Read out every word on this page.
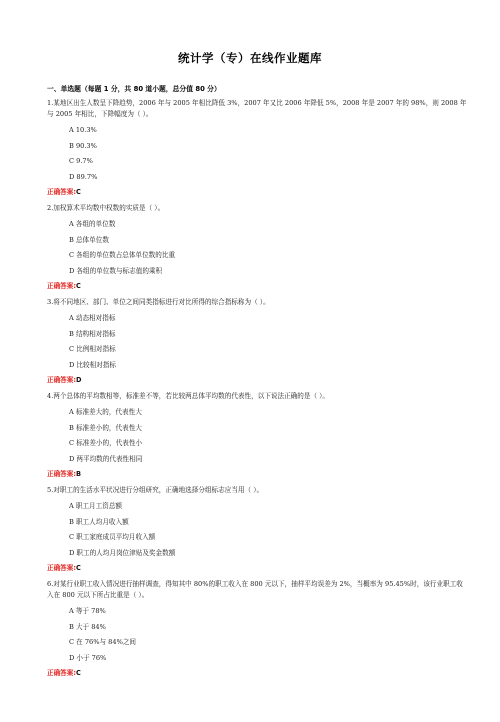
统计学（专）在线作业题库
一、单选题（每题 1 分，共 80 道小题，总分值 80 分）

1.某地区出生人数呈下降趋势，2006 年与 2005 年相比降低 3%，2007 年又比 2006 年降低 5%，2008 年是 2007 年的 98%，则 2008 年与 2005 年相比，下降幅度为（ ）。

A 10.3%
B 90.3%
C 9.7%
D 89.7%
正确答案:C

2.加权算术平均数中权数的实质是（ ）。

A 各组的单位数
B 总体单位数
C 各组的单位数占总体单位数的比重
D 各组的单位数与标志值的乘积
正确答案:C

3.将不同地区、部门、单位之间同类指标进行对比所得的综合指标称为（ ）。

A 动态相对指标
B 结构相对指标
C 比例相对指标
D 比较相对指标
正确答案:D

4.两个总体的平均数相等，标准差不等，若比较两总体平均数的代表性，以下说法正确的是（ ）。

A 标准差大的，代表性大
B 标准差小的，代表性大
C 标准差小的，代表性小
D 两平均数的代表性相同
正确答案:B

5.对职工的生活水平状况进行分组研究，正确地选择分组标志应当用（ ）。

A 职工月工资总额
B 职工人均月收入额
C 职工家庭成员平均月收入额
D 职工的人均月岗位津贴及奖金数额
正确答案:C

6.对某行业职工收入情况进行抽样调查，得知其中 80%的职工收入在 800 元以下，抽样平均误差为 2%，当概率为 95.45%时，该行业职工收入在 800 元以下所占比重是（ ）。

A 等于 78%
B 大于 84%
C 在 76%与 84%之间
D 小于 76%
正确答案:C
